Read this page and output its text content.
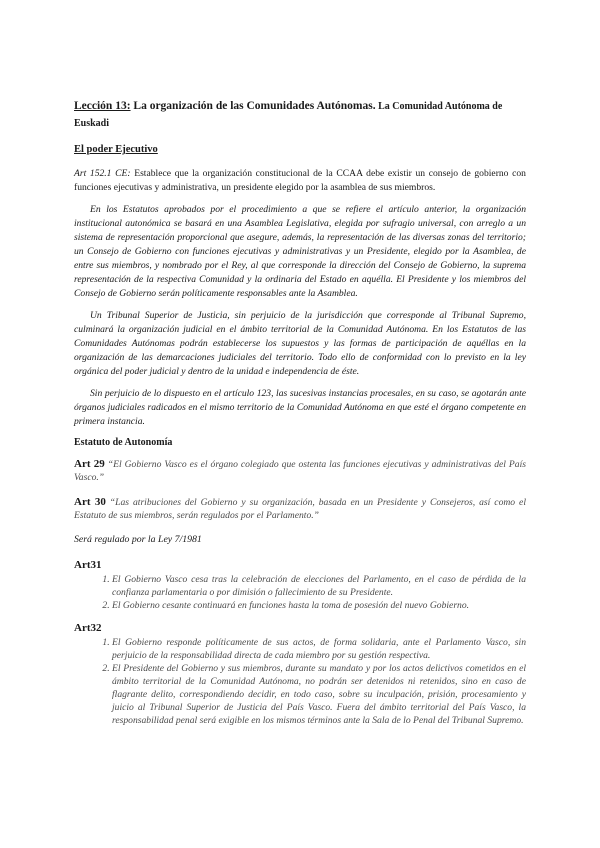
Lección 13: La organización de las Comunidades Autónomas. La Comunidad Autónoma de Euskadi
El poder Ejecutivo

Art 152.1 CE: Establece que la organización constitucional de la CCAA debe existir un consejo de gobierno con funciones ejecutivas y administrativa, un presidente elegido por la asamblea de sus miembros.

En los Estatutos aprobados por el procedimiento a que se refiere el artículo anterior, la organización institucional autonómica se basará en una Asamblea Legislativa, elegida por sufragio universal, con arreglo a un sistema de representación proporcional que asegure, además, la representación de las diversas zonas del territorio; un Consejo de Gobierno con funciones ejecutivas y administrativas y un Presidente, elegido por la Asamblea, de entre sus miembros, y nombrado por el Rey, al que corresponde la dirección del Consejo de Gobierno, la suprema representación de la respectiva Comunidad y la ordinaria del Estado en aquélla. El Presidente y los miembros del Consejo de Gobierno serán políticamente responsables ante la Asamblea.

Un Tribunal Superior de Justicia, sin perjuicio de la jurisdicción que corresponde al Tribunal Supremo, culminará la organización judicial en el ámbito territorial de la Comunidad Autónoma. En los Estatutos de las Comunidades Autónomas podrán establecerse los supuestos y las formas de participación de aquéllas en la organización de las demarcaciones judiciales del territorio. Todo ello de conformidad con lo previsto en la ley orgánica del poder judicial y dentro de la unidad e independencia de éste.

Sin perjuicio de lo dispuesto en el artículo 123, las sucesivas instancias procesales, en su caso, se agotarán ante órganos judiciales radicados en el mismo territorio de la Comunidad Autónoma en que esté el órgano competente en primera instancia.

Estatuto de Autonomía

Art 29 “El Gobierno Vasco es el órgano colegiado que ostenta las funciones ejecutivas y administrativas del País Vasco.”

Art 30 “Las atribuciones del Gobierno y su organización, basada en un Presidente y Consejeros, así como el Estatuto de sus miembros, serán regulados por el Parlamento.”

Será regulado por la Ley 7/1981

Art31
1. El Gobierno Vasco cesa tras la celebración de elecciones del Parlamento, en el caso de pérdida de la confianza parlamentaria o por dimisión o fallecimiento de su Presidente.
2. El Gobierno cesante continuará en funciones hasta la toma de posesión del nuevo Gobierno.
Art32
1. El Gobierno responde políticamente de sus actos, de forma solidaria, ante el Parlamento Vasco, sin perjuicio de la responsabilidad directa de cada miembro por su gestión respectiva.
2. El Presidente del Gobierno y sus miembros, durante su mandato y por los actos delictivos cometidos en el ámbito territorial de la Comunidad Autónoma, no podrán ser detenidos ni retenidos, sino en caso de flagrante delito, correspondiendo decidir, en todo caso, sobre su inculpación, prisión, procesamiento y juicio al Tribunal Superior de Justicia del País Vasco. Fuera del ámbito territorial del País Vasco, la responsabilidad penal será exigible en los mismos términos ante la Sala de lo Penal del Tribunal Supremo.
